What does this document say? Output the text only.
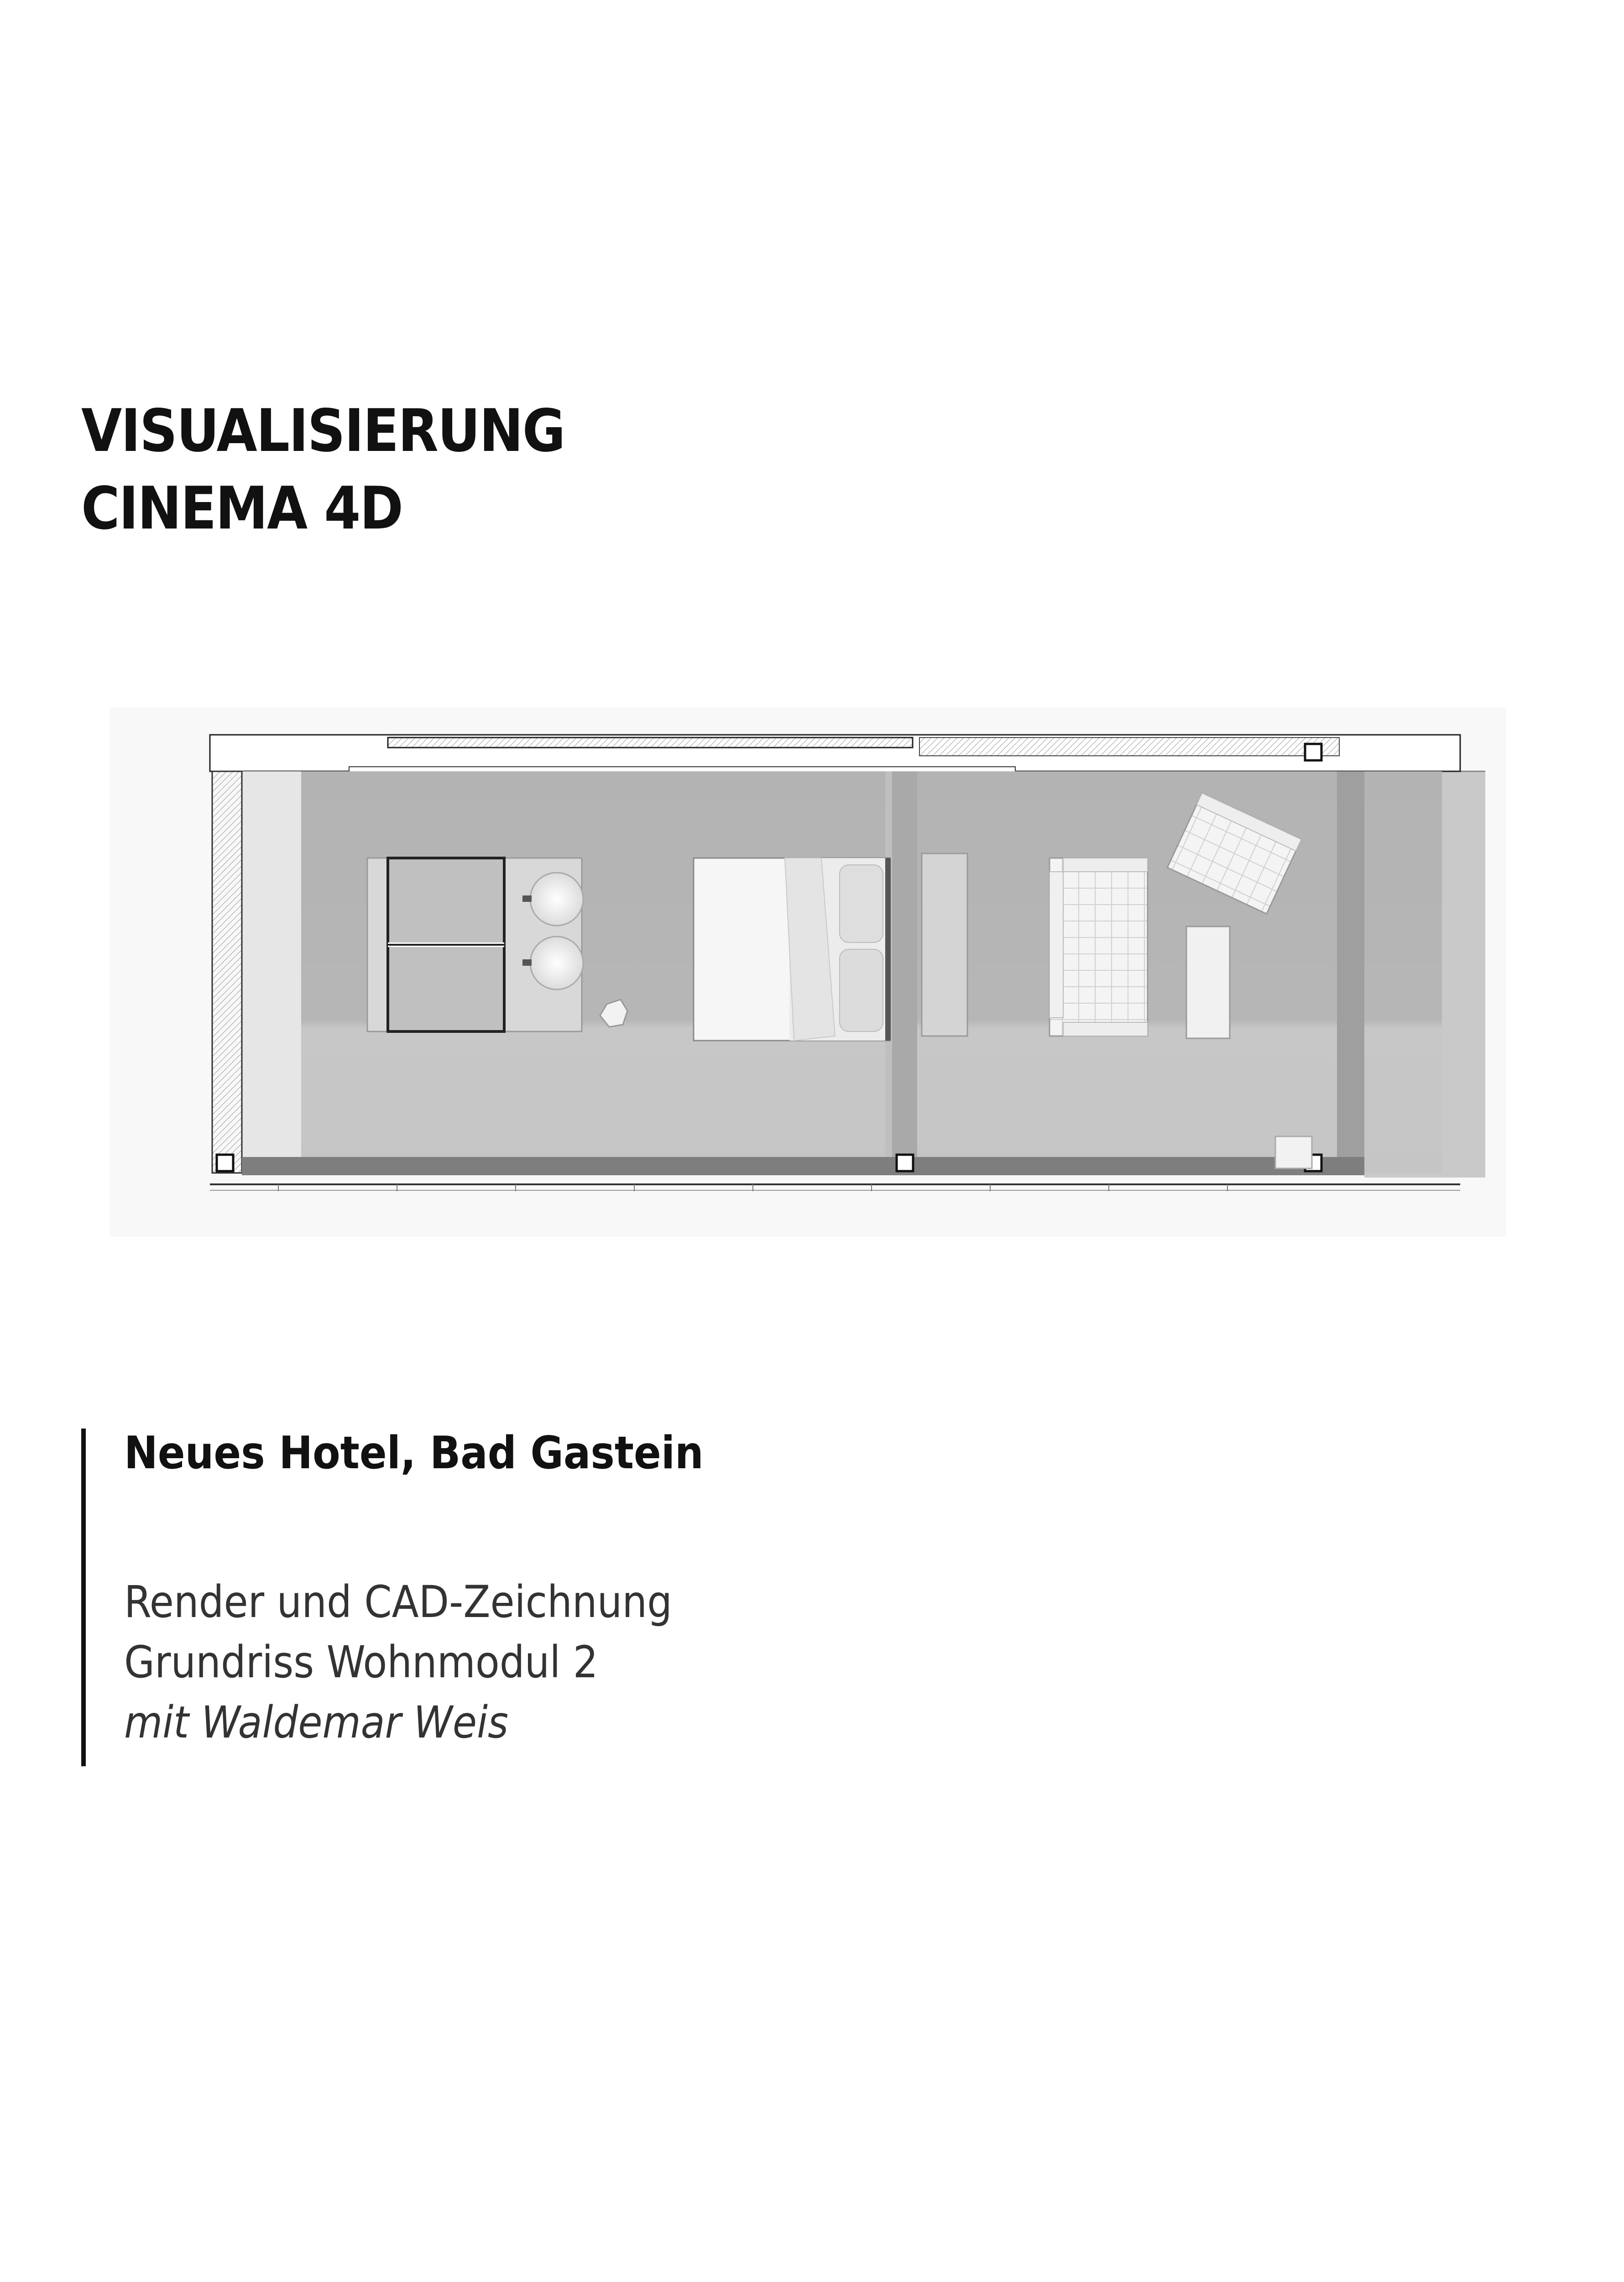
VISUALISIERUNG
CINEMA 4D
Neues Hotel, Bad Gastein
Render und CAD-Zeichnung
Grundriss Wohnmodul 2
mit Waldemar Weis
